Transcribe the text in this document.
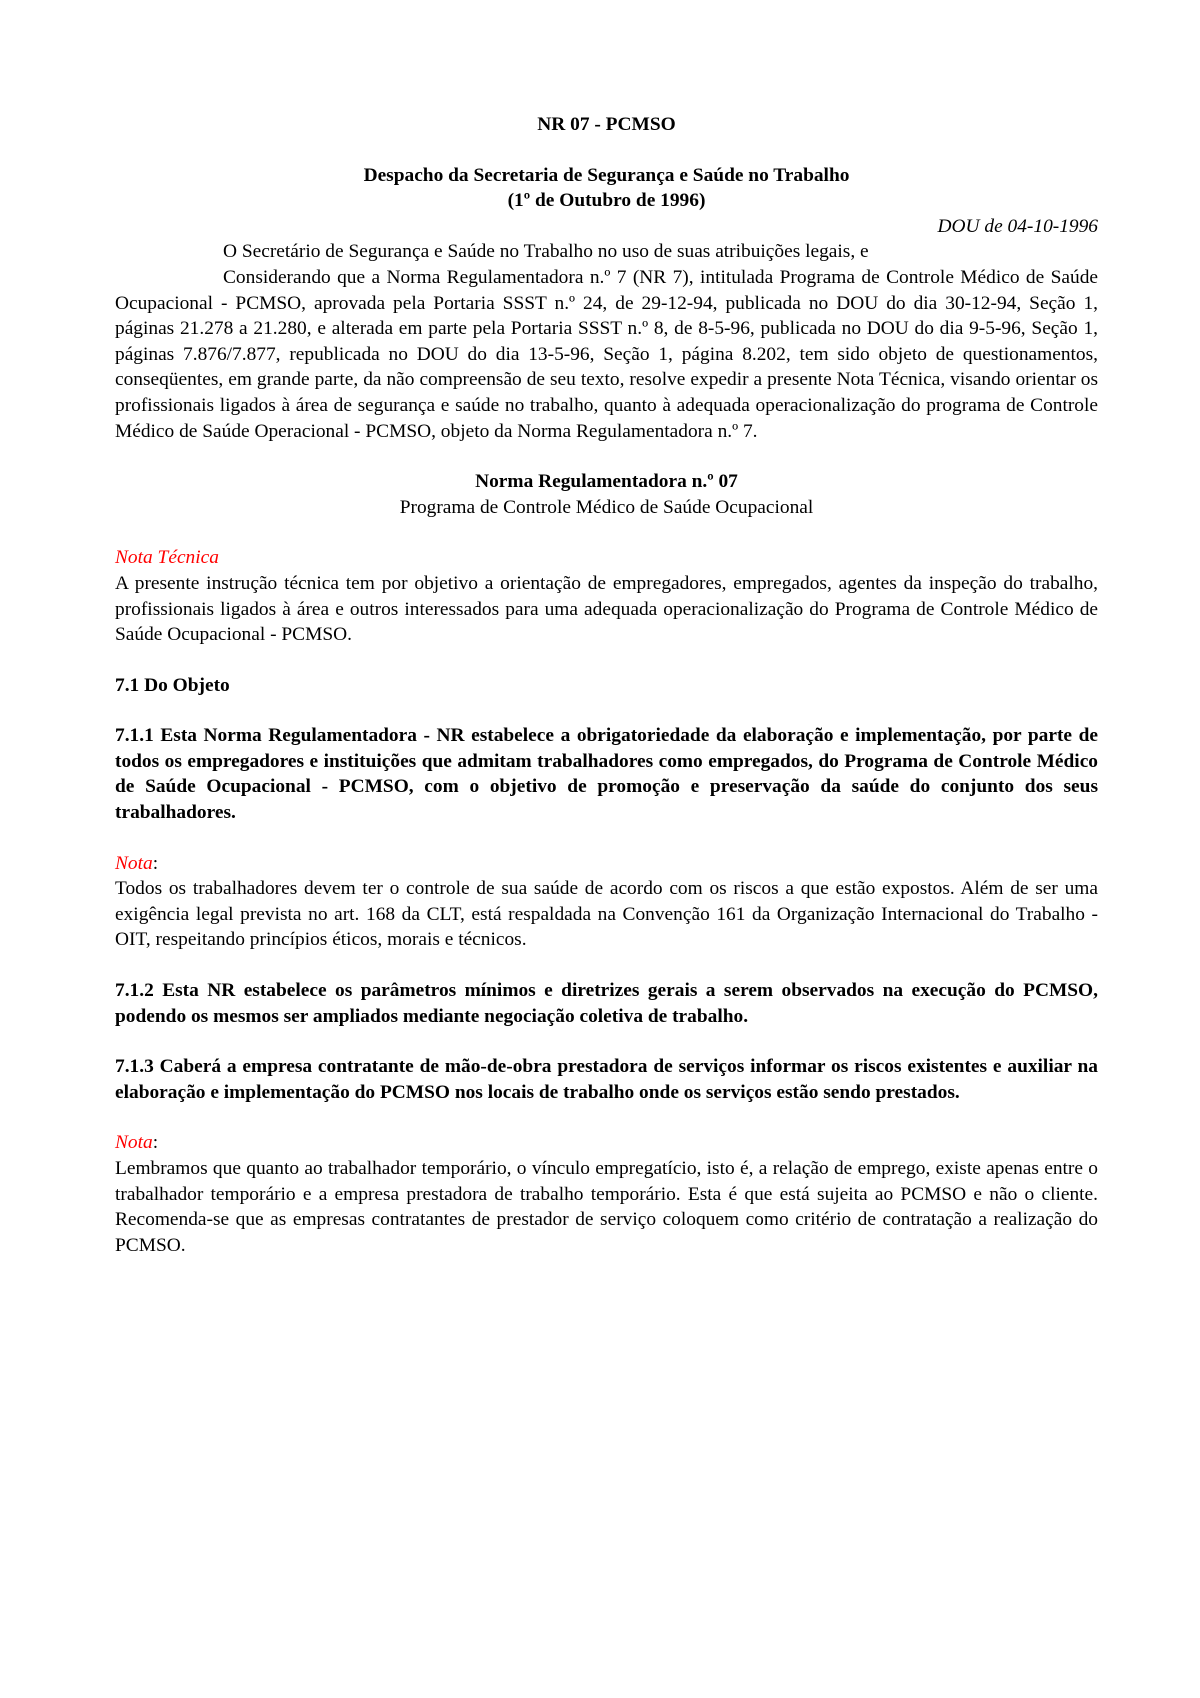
NR 07 - PCMSO

Despacho da Secretaria de Segurança e Saúde no Trabalho

(1º de Outubro de 1996)

DOU de 04-10-1996

O Secretário de Segurança e Saúde no Trabalho no uso de suas atribuições legais, e

Considerando que a Norma Regulamentadora n.º 7 (NR 7), intitulada Programa de Controle Médico de Saúde Ocupacional - PCMSO, aprovada pela Portaria SSST n.º 24, de 29-12-94, publicada no DOU do dia 30-12-94, Seção 1, páginas 21.278 a 21.280, e alterada em parte pela Portaria SSST n.º 8, de 8-5-96, publicada no DOU do dia 9-5-96, Seção 1, páginas 7.876/7.877, republicada no DOU do dia 13-5-96, Seção 1, página 8.202, tem sido objeto de questionamentos, conseqüentes, em grande parte, da não compreensão de seu texto, resolve expedir a presente Nota Técnica, visando orientar os profissionais ligados à área de segurança e saúde no trabalho, quanto à adequada operacionalização do programa de Controle Médico de Saúde Operacional - PCMSO, objeto da Norma Regulamentadora n.º 7.

Norma Regulamentadora n.º 07

Programa de Controle Médico de Saúde Ocupacional

Nota Técnica

A presente instrução técnica tem por objetivo a orientação de empregadores, empregados, agentes da inspeção do trabalho, profissionais ligados à área e outros interessados para uma adequada operacionalização do Programa de Controle Médico de Saúde Ocupacional - PCMSO.

7.1 Do Objeto

7.1.1 Esta Norma Regulamentadora - NR estabelece a obrigatoriedade da elaboração e implementação, por parte de todos os empregadores e instituições que admitam trabalhadores como empregados, do Programa de Controle Médico de Saúde Ocupacional - PCMSO, com o objetivo de promoção e preservação da saúde do conjunto dos seus trabalhadores.

Nota:

Todos os trabalhadores devem ter o controle de sua saúde de acordo com os riscos a que estão expostos. Além de ser uma exigência legal prevista no art. 168 da CLT, está respaldada na Convenção 161 da Organização Internacional do Trabalho - OIT, respeitando princípios éticos, morais e técnicos.

7.1.2 Esta NR estabelece os parâmetros mínimos e diretrizes gerais a serem observados na execução do PCMSO, podendo os mesmos ser ampliados mediante negociação coletiva de trabalho.

7.1.3 Caberá a empresa contratante de mão-de-obra prestadora de serviços informar os riscos existentes e auxiliar na elaboração e implementação do PCMSO nos locais de trabalho onde os serviços estão sendo prestados.

Nota:

Lembramos que quanto ao trabalhador temporário, o vínculo empregatício, isto é, a relação de emprego, existe apenas entre o trabalhador temporário e a empresa prestadora de trabalho temporário. Esta é que está sujeita ao PCMSO e não o cliente. Recomenda-se que as empresas contratantes de prestador de serviço coloquem como critério de contratação a realização do PCMSO.
